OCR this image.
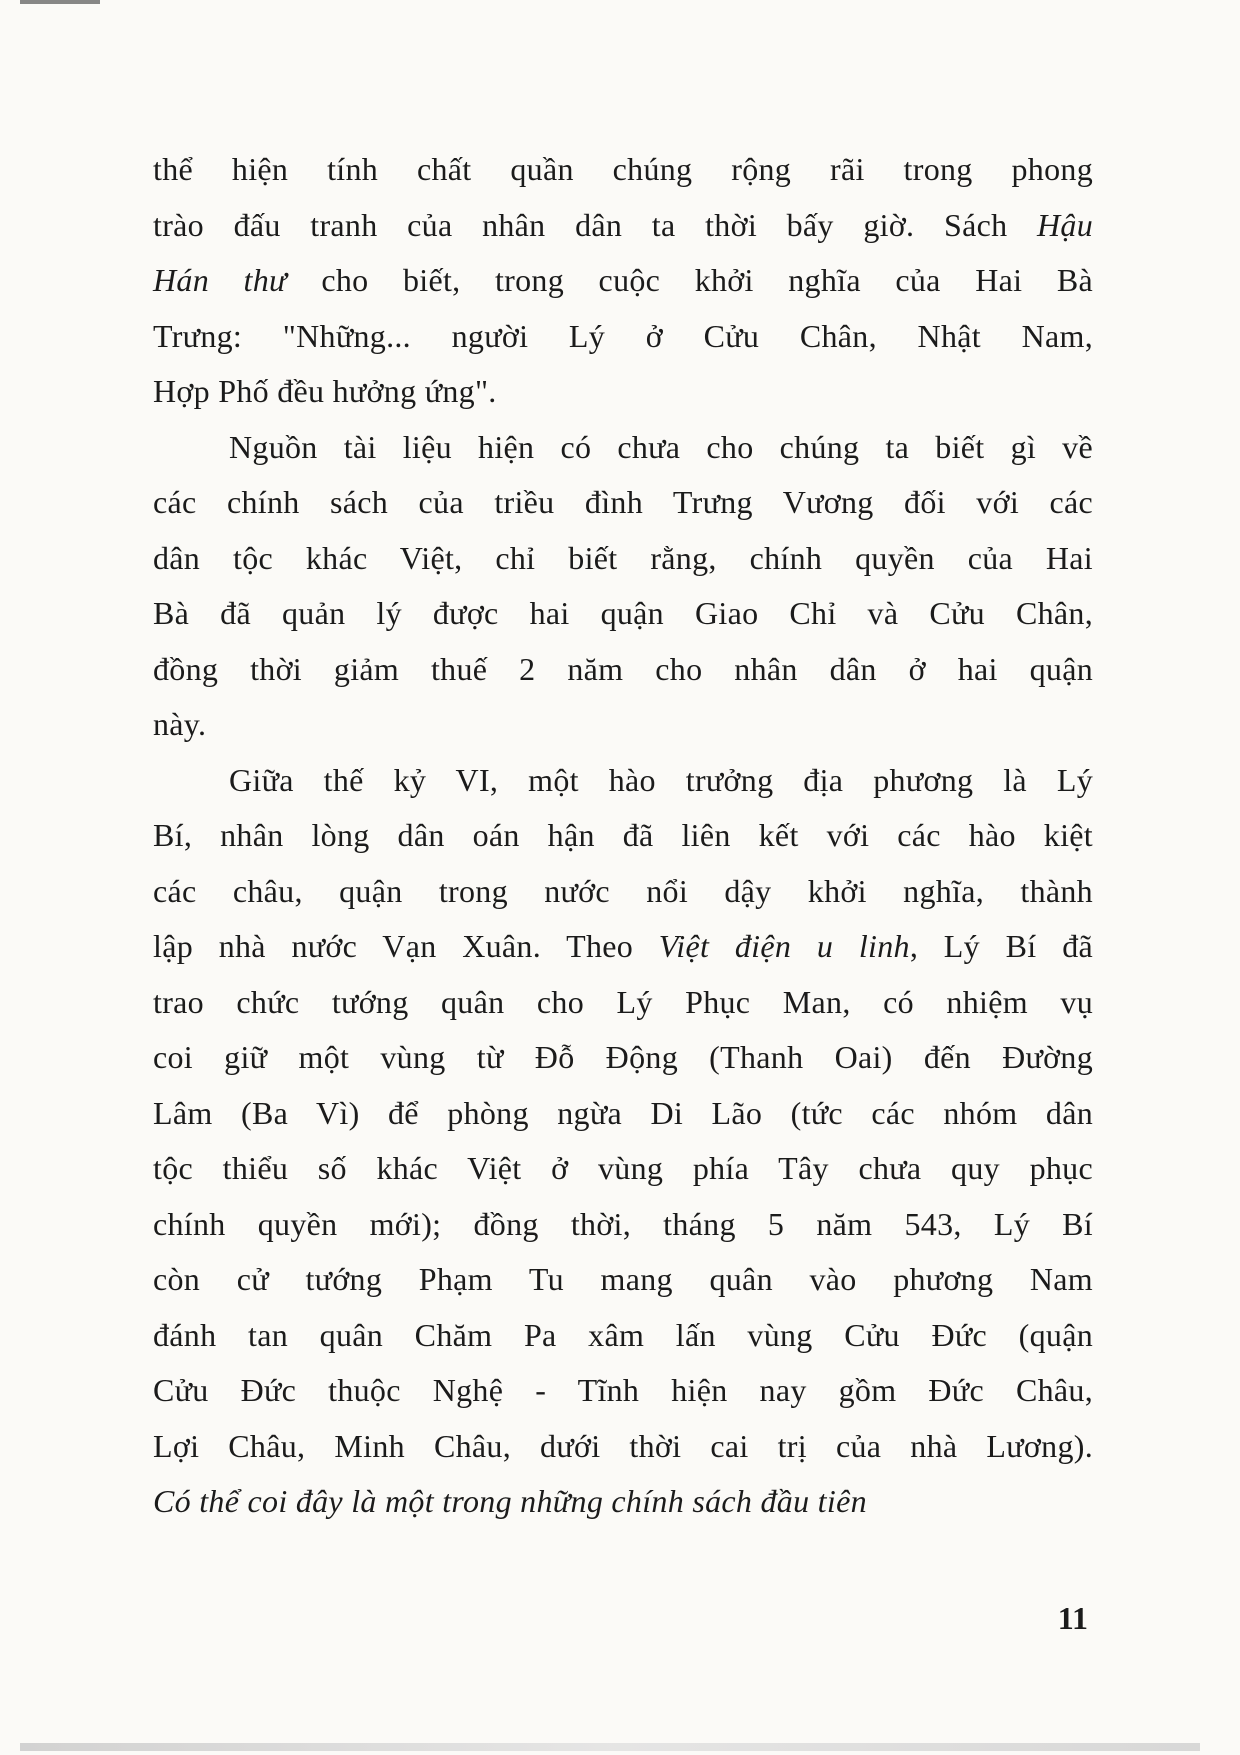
thể hiện tính chất quần chúng rộng rãi trong phong
trào đấu tranh của nhân dân ta thời bấy giờ. Sách Hậu
Hán thư cho biết, trong cuộc khởi nghĩa của Hai Bà
Trưng: "Những... người Lý ở Cửu Chân, Nhật Nam,
Hợp Phố đều hưởng ứng".
Nguồn tài liệu hiện có chưa cho chúng ta biết gì về
các chính sách của triều đình Trưng Vương đối với các
dân tộc khác Việt, chỉ biết rằng, chính quyền của Hai
Bà đã quản lý được hai quận Giao Chỉ và Cửu Chân,
đồng thời giảm thuế 2 năm cho nhân dân ở hai quận
này.
Giữa thế kỷ VI, một hào trưởng địa phương là Lý
Bí, nhân lòng dân oán hận đã liên kết với các hào kiệt
các châu, quận trong nước nổi dậy khởi nghĩa, thành
lập nhà nước Vạn Xuân. Theo Việt điện u linh, Lý Bí đã
trao chức tướng quân cho Lý Phục Man, có nhiệm vụ
coi giữ một vùng từ Đỗ Động (Thanh Oai) đến Đường
Lâm (Ba Vì) để phòng ngừa Di Lão (tức các nhóm dân
tộc thiểu số khác Việt ở vùng phía Tây chưa quy phục
chính quyền mới); đồng thời, tháng 5 năm 543, Lý Bí
còn cử tướng Phạm Tu mang quân vào phương Nam
đánh tan quân Chăm Pa xâm lấn vùng Cửu Đức (quận
Cửu Đức thuộc Nghệ - Tĩnh hiện nay gồm Đức Châu,
Lợi Châu, Minh Châu, dưới thời cai trị của nhà Lương).
Có thể coi đây là một trong những chính sách đầu tiên
11
